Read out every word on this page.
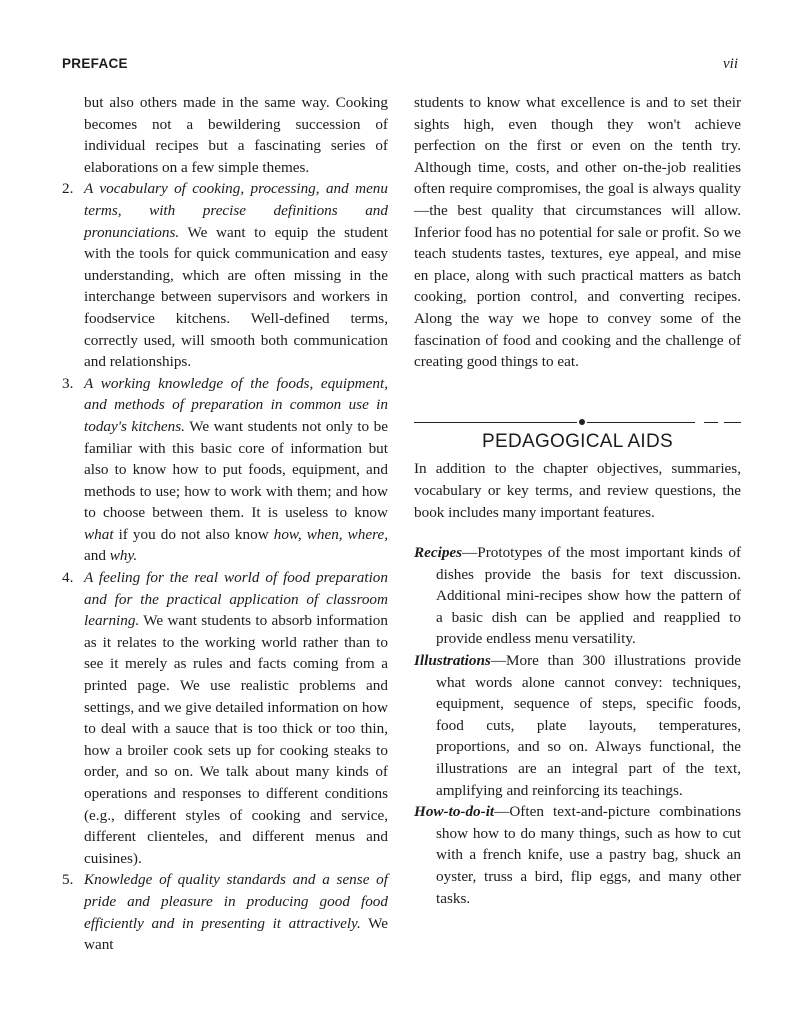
PREFACE	vii

but also others made in the same way. Cooking becomes not a bewildering succession of individual recipes but a fascinating series of elaborations on a few simple themes.

2. A vocabulary of cooking, processing, and menu terms, with precise definitions and pronunciations. We want to equip the student with the tools for quick communication and easy understanding, which are often missing in the interchange between supervisors and workers in foodservice kitchens. Well-defined terms, correctly used, will smooth both communication and relationships.
3. A working knowledge of the foods, equipment, and methods of preparation in common use in today's kitchens. We want students not only to be familiar with this basic core of information but also to know how to put foods, equipment, and methods to use; how to work with them; and how to choose between them. It is useless to know what if you do not also know how, when, where, and why.
4. A feeling for the real world of food preparation and for the practical application of classroom learning. We want students to absorb information as it relates to the working world rather than to see it merely as rules and facts coming from a printed page. We use realistic problems and settings, and we give detailed information on how to deal with a sauce that is too thick or too thin, how a broiler cook sets up for cooking steaks to order, and so on. We talk about many kinds of operations and responses to different conditions (e.g., different styles of cooking and service, different clienteles, and different menus and cuisines).
5. Knowledge of quality standards and a sense of pride and pleasure in producing good food efficiently and in presenting it attractively. We want

students to know what excellence is and to set their sights high, even though they won't achieve perfection on the first or even on the tenth try. Although time, costs, and other on-the-job realities often require compromises, the goal is always quality—the best quality that circumstances will allow. Inferior food has no potential for sale or profit. So we teach students tastes, textures, eye appeal, and mise en place, along with such practical matters as batch cooking, portion control, and converting recipes. Along the way we hope to convey some of the fascination of food and cooking and the challenge of creating good things to eat.

PEDAGOGICAL AIDS

In addition to the chapter objectives, summaries, vocabulary or key terms, and review questions, the book includes many important features.

Recipes—Prototypes of the most important kinds of dishes provide the basis for text discussion. Additional mini-recipes show how the pattern of a basic dish can be applied and reapplied to provide endless menu versatility.

Illustrations—More than 300 illustrations provide what words alone cannot convey: techniques, equipment, sequence of steps, specific foods, food cuts, plate layouts, temperatures, proportions, and so on. Always functional, the illustrations are an integral part of the text, amplifying and reinforcing its teachings.

How-to-do-it—Often text-and-picture combinations show how to do many things, such as how to cut with a french knife, use a pastry bag, shuck an oyster, truss a bird, flip eggs, and many other tasks.
